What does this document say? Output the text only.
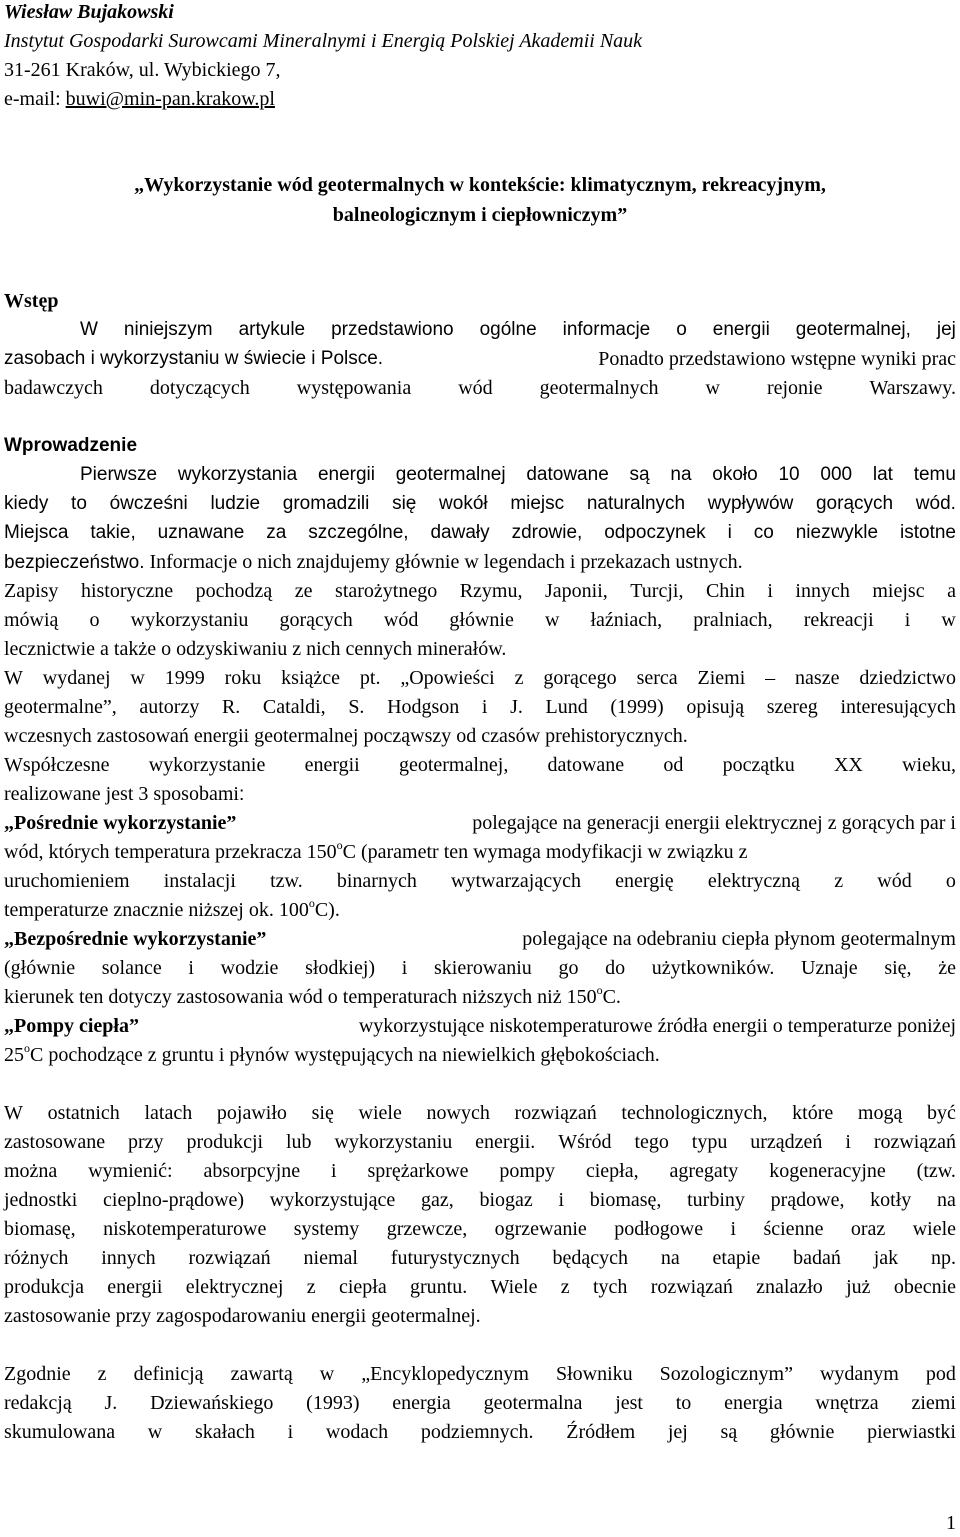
Wiesław Bujakowski
Instytut Gospodarki Surowcami Mineralnymi i Energią Polskiej Akademii Nauk
31-261 Kraków, ul. Wybickiego 7,
e-mail: buwi@min-pan.krakow.pl
„Wykorzystanie wód geotermalnych w kontekście: klimatycznym, rekreacyjnym,
balneologicznym i ciepłowniczym”
Wstęp
W niniejszym artykule przedstawiono ogólne informacje o energii geotermalnej, jej
zasobach i wykorzystaniu w świecie i Polsce.	Ponadto przedstawiono wstępne wyniki prac
badawczych dotyczących występowania wód geotermalnych w rejonie Warszawy.
Wprowadzenie
Pierwsze wykorzystania energii geotermalnej datowane są na około 10 000 lat temu
kiedy to ówcześni ludzie gromadzili się wokół miejsc naturalnych wypływów gorących wód.
Miejsca takie, uznawane za szczególne, dawały zdrowie, odpoczynek i co niezwykle istotne
bezpieczeństwo. Informacje o nich znajdujemy głównie w legendach i przekazach ustnych.
Zapisy historyczne pochodzą ze starożytnego Rzymu, Japonii, Turcji, Chin i innych miejsc a
mówią o wykorzystaniu gorących wód głównie w łaźniach, pralniach, rekreacji i w
lecznictwie a także o odzyskiwaniu z nich cennych minerałów.
W wydanej w 1999 roku książce pt. „Opowieści z gorącego serca Ziemi – nasze dziedzictwo
geotermalne”, autorzy R. Cataldi, S. Hodgson i J. Lund (1999) opisują szereg interesujących
wczesnych zastosowań energii geotermalnej począwszy od czasów prehistorycznych.
Współczesne wykorzystanie energii geotermalnej, datowane od początku XX wieku,
realizowane jest 3 sposobami:
„Pośrednie wykorzystanie”	polegające na generacji energii elektrycznej z gorących par i
wód, których temperatura przekracza 150$^o$C (parametr ten wymaga modyfikacji w związku z
uruchomieniem instalacji tzw. binarnych wytwarzających energię elektryczną z wód o
temperaturze znacznie niższej ok. 100$^o$C).
„Bezpośrednie wykorzystanie”	polegające na odebraniu ciepła płynom geotermalnym
(głównie solance i wodzie słodkiej) i skierowaniu go do użytkowników. Uznaje się, że
kierunek ten dotyczy zastosowania wód o temperaturach niższych niż 150$^o$C.
„Pompy ciepła”	wykorzystujące niskotemperaturowe źródła energii o temperaturze poniżej
25$^o$C pochodzące z gruntu i płynów występujących na niewielkich głębokościach.
W ostatnich latach pojawiło się wiele nowych rozwiązań technologicznych, które mogą być
zastosowane przy produkcji lub wykorzystaniu energii. Wśród tego typu urządzeń i rozwiązań
można wymienić: absorpcyjne i sprężarkowe pompy ciepła, agregaty kogeneracyjne (tzw.
jednostki cieplno-prądowe) wykorzystujące gaz, biogaz i biomasę, turbiny prądowe, kotły na
biomasę, niskotemperaturowe systemy grzewcze, ogrzewanie podłogowe i ścienne oraz wiele
różnych innych rozwiązań niemal futurystycznych będących na etapie badań jak np.
produkcja energii elektrycznej z ciepła gruntu. Wiele z tych rozwiązań znalazło już obecnie
zastosowanie przy zagospodarowaniu energii geotermalnej.
Zgodnie z definicją zawartą w „Encyklopedycznym Słowniku Sozologicznym” wydanym pod
redakcją J. Dziewańskiego (1993) energia geotermalna jest to energia wnętrza ziemi
skumulowana w skałach i wodach podziemnych. Źródłem jej są głównie pierwiastki
1
